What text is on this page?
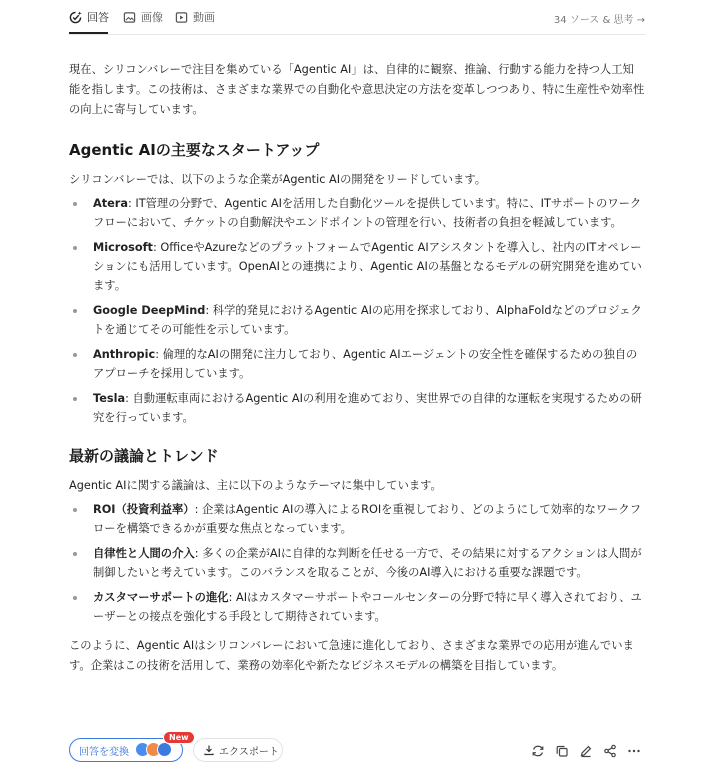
回答	画像	動画	34 ソース & 思考 →

現在、シリコンバレーで注目を集めている「Agentic AI」は、自律的に観察、推論、行動する能力を持つ人工知能を指します。この技術は、さまざまな業界での自動化や意思決定の方法を変革しつつあり、特に生産性や効率性の向上に寄与しています。

Agentic AIの主要なスタートアップ

シリコンバレーでは、以下のような企業がAgentic AIの開発をリードしています。

Atera: IT管理の分野で、Agentic AIを活用した自動化ツールを提供しています。特に、ITサポートのワークフローにおいて、チケットの自動解決やエンドポイントの管理を行い、技術者の負担を軽減しています。
Microsoft: OfficeやAzureなどのプラットフォームでAgentic AIアシスタントを導入し、社内のITオペレーションにも活用しています。OpenAIとの連携により、Agentic AIの基盤となるモデルの研究開発を進めています。
Google DeepMind: 科学的発見におけるAgentic AIの応用を探求しており、AlphaFoldなどのプロジェクトを通じてその可能性を示しています。
Anthropic: 倫理的なAIの開発に注力しており、Agentic AIエージェントの安全性を確保するための独自のアプローチを採用しています。
Tesla: 自動運転車両におけるAgentic AIの利用を進めており、実世界での自律的な運転を実現するための研究を行っています。
最新の議論とトレンド

Agentic AIに関する議論は、主に以下のようなテーマに集中しています。

ROI（投資利益率）: 企業はAgentic AIの導入によるROIを重視しており、どのようにして効率的なワークフローを構築できるかが重要な焦点となっています。
自律性と人間の介入: 多くの企業がAIに自律的な判断を任せる一方で、その結果に対するアクションは人間が制御したいと考えています。このバランスを取ることが、今後のAI導入における重要な課題です。
カスタマーサポートの進化: AIはカスタマーサポートやコールセンターの分野で特に早く導入されており、ユーザーとの接点を強化する手段として期待されています。

このように、Agentic AIはシリコンバレーにおいて急速に進化しており、さまざまな業界での応用が進んでいます。企業はこの技術を活用して、業務の効率化や新たなビジネスモデルの構築を目指しています。

回答を変換
New
エクスポート
